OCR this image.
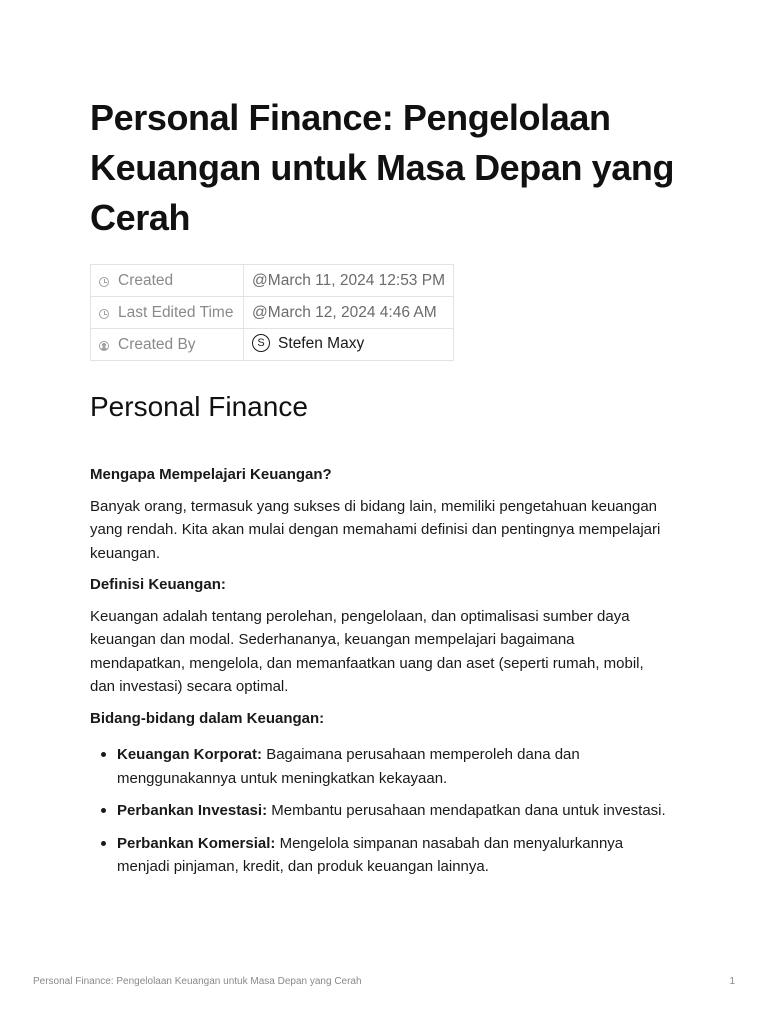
Personal Finance: Pengelolaan Keuangan untuk Masa Depan yang Cerah
Created	@March 11, 2024 12:53 PM
Last Edited Time	@March 12, 2024 4:46 AM
Created By	S Stefen Maxy
Personal Finance

Mengapa Mempelajari Keuangan?

Banyak orang, termasuk yang sukses di bidang lain, memiliki pengetahuan keuangan yang rendah. Kita akan mulai dengan memahami definisi dan pentingnya mempelajari keuangan.

Definisi Keuangan:

Keuangan adalah tentang perolehan, pengelolaan, dan optimalisasi sumber daya keuangan dan modal. Sederhananya, keuangan mempelajari bagaimana mendapatkan, mengelola, dan memanfaatkan uang dan aset (seperti rumah, mobil, dan investasi) secara optimal.

Bidang-bidang dalam Keuangan:

Keuangan Korporat: Bagaimana perusahaan memperoleh dana dan menggunakannya untuk meningkatkan kekayaan.
Perbankan Investasi: Membantu perusahaan mendapatkan dana untuk investasi.
Perbankan Komersial: Mengelola simpanan nasabah dan menyalurkannya menjadi pinjaman, kredit, dan produk keuangan lainnya.
Personal Finance: Pengelolaan Keuangan untuk Masa Depan yang Cerah	1
